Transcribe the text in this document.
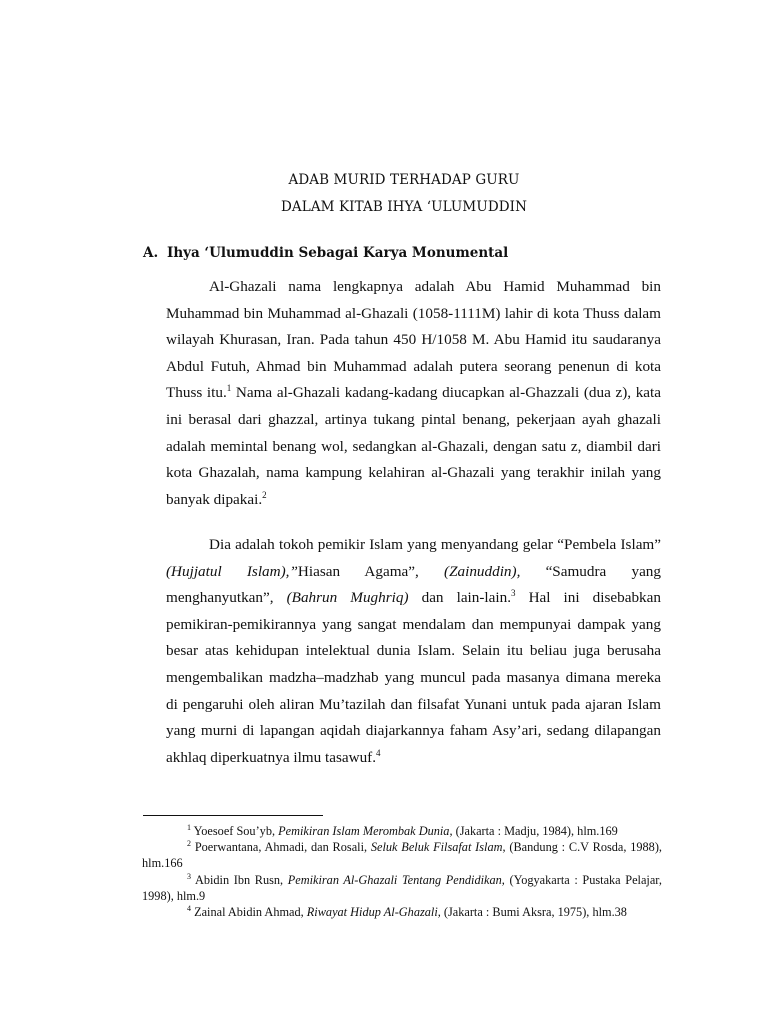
ADAB MURID TERHADAP GURU
DALAM KITAB IHYA ‘ULUMUDDIN
A. Ihya ‘Ulumuddin Sebagai Karya Monumental

Al-Ghazali nama lengkapnya adalah Abu Hamid Muhammad bin Muhammad bin Muhammad al-Ghazali (1058-1111M) lahir di kota Thuss dalam wilayah Khurasan, Iran. Pada tahun 450 H/1058 M. Abu Hamid itu saudaranya Abdul Futuh, Ahmad bin Muhammad adalah putera seorang penenun di kota Thuss itu.$^1$ Nama al-Ghazali kadang-kadang diucapkan al-Ghazzali (dua z), kata ini berasal dari ghazzal, artinya tukang pintal benang, pekerjaan ayah ghazali adalah memintal benang wol, sedangkan al-Ghazali, dengan satu z, diambil dari kota Ghazalah, nama kampung kelahiran al-Ghazali yang terakhir inilah yang banyak dipakai.$^2$

Dia adalah tokoh pemikir Islam yang menyandang gelar “Pembela Islam” (Hujjatul Islam),”Hiasan Agama”, (Zainuddin), “Samudra yang menghanyutkan”, (Bahrun Mughriq) dan lain-lain.$^3$ Hal ini disebabkan pemikiran-pemikirannya yang sangat mendalam dan mempunyai dampak yang besar atas kehidupan intelektual dunia Islam. Selain itu beliau juga berusaha mengembalikan madzha–madzhab yang muncul pada masanya dimana mereka di pengaruhi oleh aliran Mu’tazilah dan filsafat Yunani untuk pada ajaran Islam yang murni di lapangan aqidah diajarkannya faham Asy’ari, sedang dilapangan akhlaq diperkuatnya ilmu tasawuf.$^4$

$^1$ Yoesoef Sou’yb, Pemikiran Islam Merombak Dunia, (Jakarta : Madju, 1984), hlm.169

$^2$ Poerwantana, Ahmadi, dan Rosali, Seluk Beluk Filsafat Islam, (Bandung : C.V Rosda, 1988), hlm.166

$^3$ Abidin Ibn Rusn, Pemikiran Al-Ghazali Tentang Pendidikan, (Yogyakarta : Pustaka Pelajar, 1998), hlm.9

$^4$ Zainal Abidin Ahmad, Riwayat Hidup Al-Ghazali, (Jakarta : Bumi Aksra, 1975), hlm.38
